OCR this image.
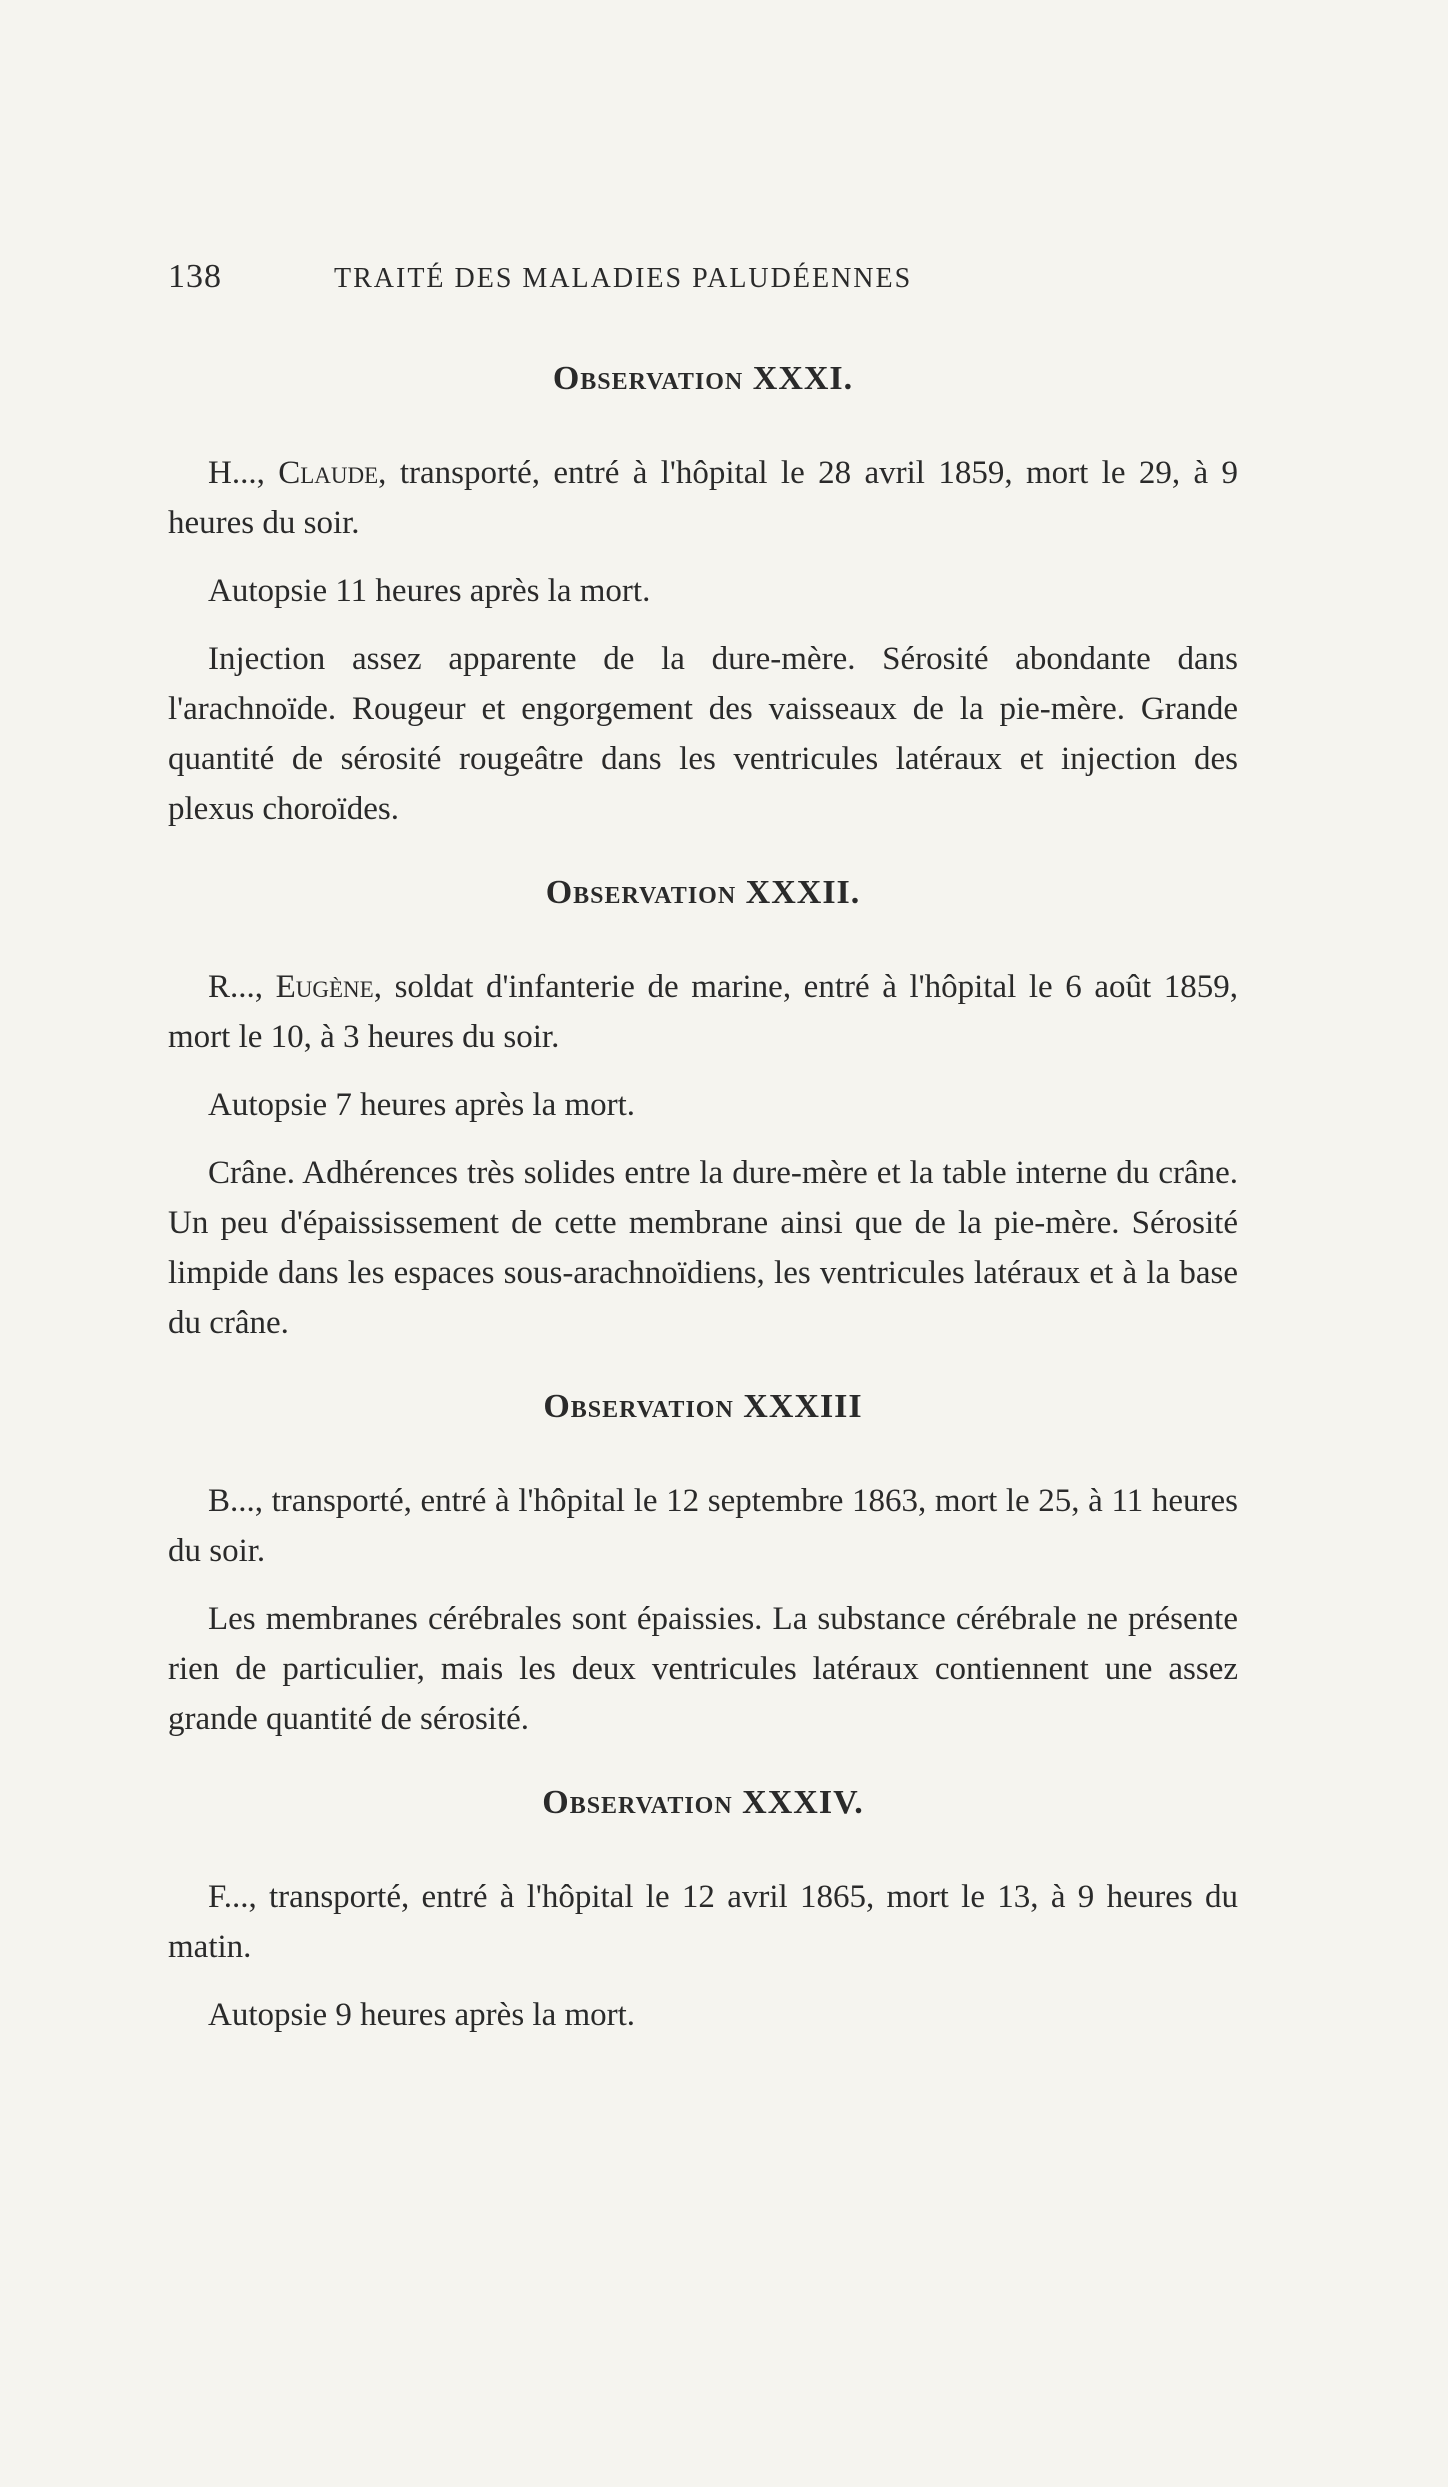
138	TRAITÉ DES MALADIES PALUDÉENNES
Observation XXXI.

H..., Claude, transporté, entré à l'hôpital le 28 avril 1859, mort le 29, à 9 heures du soir.

Autopsie 11 heures après la mort.

Injection assez apparente de la dure-mère. Sérosité abondante dans l'arachnoïde. Rougeur et engorgement des vaisseaux de la pie-mère. Grande quantité de sérosité rougeâtre dans les ventricules latéraux et injection des plexus choroïdes.

Observation XXXII.

R..., Eugène, soldat d'infanterie de marine, entré à l'hôpital le 6 août 1859, mort le 10, à 3 heures du soir.

Autopsie 7 heures après la mort.

Crâne. Adhérences très solides entre la dure-mère et la table interne du crâne. Un peu d'épaississement de cette membrane ainsi que de la pie-mère. Sérosité limpide dans les espaces sous-arachnoïdiens, les ventricules latéraux et à la base du crâne.

Observation XXXIII

B..., transporté, entré à l'hôpital le 12 septembre 1863, mort le 25, à 11 heures du soir.

Les membranes cérébrales sont épaissies. La substance cérébrale ne présente rien de particulier, mais les deux ventricules latéraux contiennent une assez grande quantité de sérosité.

Observation XXXIV.

F..., transporté, entré à l'hôpital le 12 avril 1865, mort le 13, à 9 heures du matin.

Autopsie 9 heures après la mort.
